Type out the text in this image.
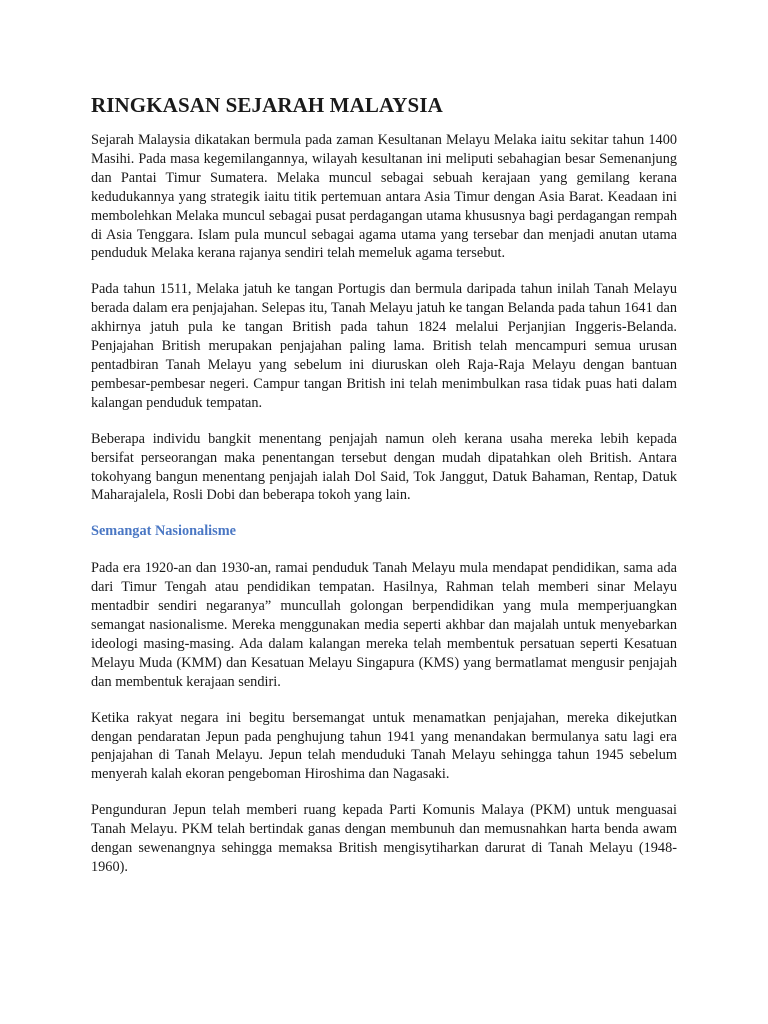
RINGKASAN SEJARAH MALAYSIA

Sejarah Malaysia dikatakan bermula pada zaman Kesultanan Melayu Melaka iaitu sekitar tahun 1400 Masihi. Pada masa kegemilangannya, wilayah kesultanan ini meliputi sebahagian besar Semenanjung dan Pantai Timur Sumatera. Melaka muncul sebagai sebuah kerajaan yang gemilang kerana kedudukannya yang strategik iaitu titik pertemuan antara Asia Timur dengan Asia Barat. Keadaan ini membolehkan Melaka muncul sebagai pusat perdagangan utama khususnya bagi perdagangan rempah di Asia Tenggara. Islam pula muncul sebagai agama utama yang tersebar dan menjadi anutan utama penduduk Melaka kerana rajanya sendiri telah memeluk agama tersebut.

Pada tahun 1511, Melaka jatuh ke tangan Portugis dan bermula daripada tahun inilah Tanah Melayu berada dalam era penjajahan. Selepas itu, Tanah Melayu jatuh ke tangan Belanda pada tahun 1641 dan akhirnya jatuh pula ke tangan British pada tahun 1824 melalui Perjanjian Inggeris-Belanda. Penjajahan British merupakan penjajahan paling lama. British telah mencampuri semua urusan pentadbiran Tanah Melayu yang sebelum ini diuruskan oleh Raja-Raja Melayu dengan bantuan pembesar-pembesar negeri. Campur tangan British ini telah menimbulkan rasa tidak puas hati dalam kalangan penduduk tempatan.

Beberapa individu bangkit menentang penjajah namun oleh kerana usaha mereka lebih kepada bersifat perseorangan maka penentangan tersebut dengan mudah dipatahkan oleh British. Antara tokohyang bangun menentang penjajah ialah Dol Said, Tok Janggut, Datuk Bahaman, Rentap, Datuk Maharajalela, Rosli Dobi dan beberapa tokoh yang lain.

Semangat Nasionalisme

Pada era 1920-an dan 1930-an, ramai penduduk Tanah Melayu mula mendapat pendidikan, sama ada dari Timur Tengah atau pendidikan tempatan. Hasilnya, Rahman telah memberi sinar Melayu mentadbir sendiri negaranya” muncullah golongan berpendidikan yang mula memperjuangkan semangat nasionalisme. Mereka menggunakan media seperti akhbar dan majalah untuk menyebarkan ideologi masing-masing. Ada dalam kalangan mereka telah membentuk persatuan seperti Kesatuan Melayu Muda (KMM) dan Kesatuan Melayu Singapura (KMS) yang bermatlamat mengusir penjajah dan membentuk kerajaan sendiri.

Ketika rakyat negara ini begitu bersemangat untuk menamatkan penjajahan, mereka dikejutkan dengan pendaratan Jepun pada penghujung tahun 1941 yang menandakan bermulanya satu lagi era penjajahan di Tanah Melayu. Jepun telah menduduki Tanah Melayu sehingga tahun 1945 sebelum menyerah kalah ekoran pengeboman Hiroshima dan Nagasaki.

Pengunduran Jepun telah memberi ruang kepada Parti Komunis Malaya (PKM) untuk menguasai Tanah Melayu. PKM telah bertindak ganas dengan membunuh dan memusnahkan harta benda awam dengan sewenangnya sehingga memaksa British mengisytiharkan darurat di Tanah Melayu (1948-1960).
